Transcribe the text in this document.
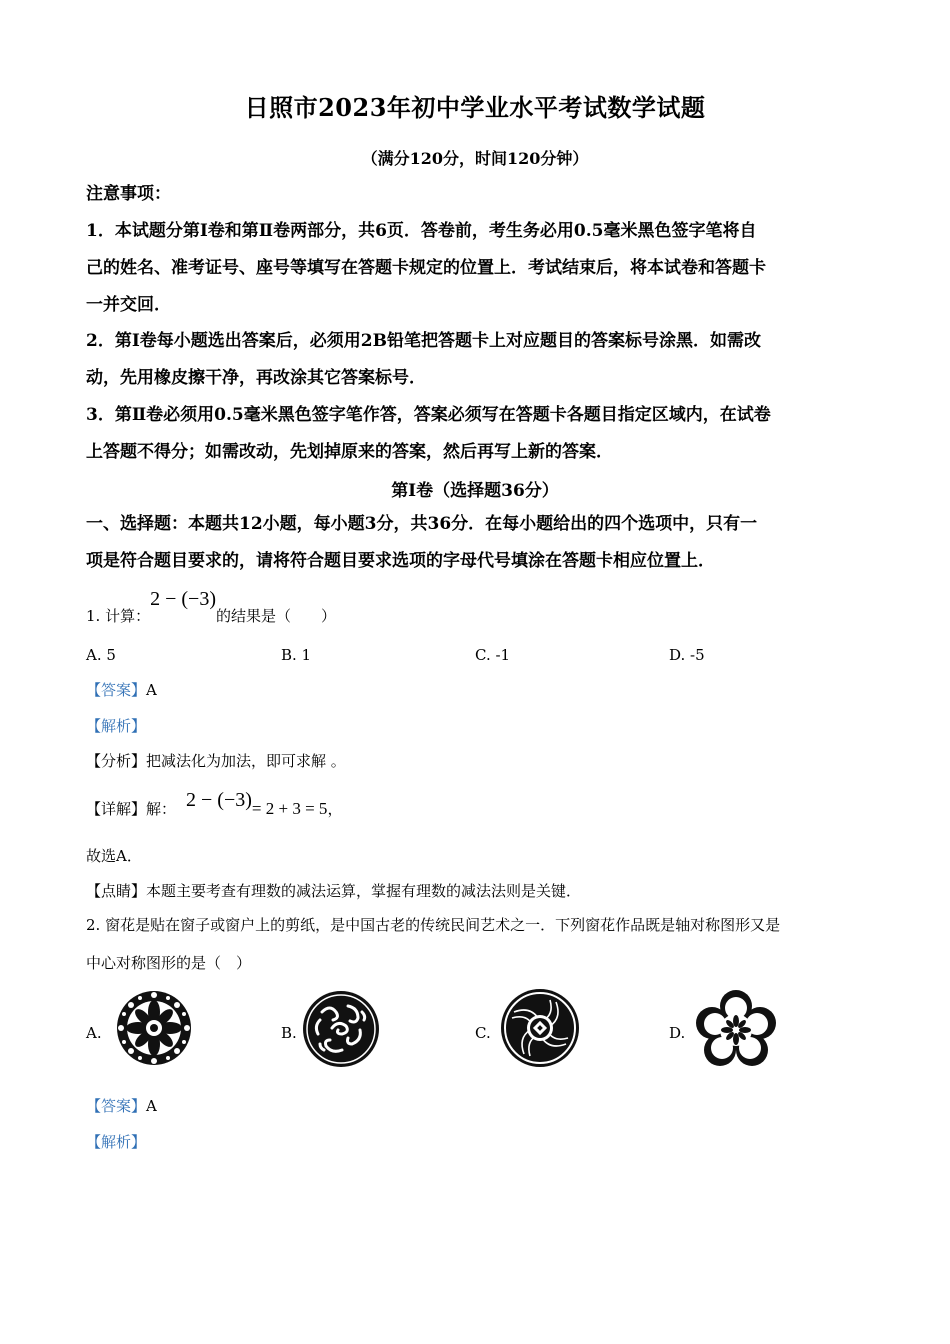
日照市2023年初中学业水平考试数学试题
（满分120分，时间120分钟）
注意事项：
1．本试题分第Ⅰ卷和第Ⅱ卷两部分，共6页．答卷前，考生务必用0.5毫米黑色签字笔将自
己的姓名、准考证号、座号等填写在答题卡规定的位置上．考试结束后，将本试卷和答题卡
一并交回．
2．第Ⅰ卷每小题选出答案后，必须用2B铅笔把答题卡上对应题目的答案标号涂黑．如需改
动，先用橡皮擦干净，再改涂其它答案标号．
3．第Ⅱ卷必须用0.5毫米黑色签字笔作答，答案必须写在答题卡各题目指定区域内，在试卷
上答题不得分；如需改动，先划掉原来的答案，然后再写上新的答案．
第Ⅰ卷（选择题36分）
一、选择题：本题共12小题，每小题3分，共36分．在每小题给出的四个选项中，只有一
项是符合题目要求的，请将符合题目要求选项的字母代号填涂在答题卡相应位置上．
1. 计算：2 − (−3)的结果是（　　）
A. 5	B. 1	C. -1	D. -5
【答案】A
【解析】
【分析】把减法化为加法，即可求解 。
【详解】解： 2 − (−3)= 2 + 3 = 5，
故选A．
【点睛】本题主要考查有理数的减法运算，掌握有理数的减法法则是关键．
2. 窗花是贴在窗子或窗户上的剪纸，是中国古老的传统民间艺术之一．下列窗花作品既是轴对称图形又是
中心对称图形的是（　）
A.	B.	C.	D.
【答案】A
【解析】
